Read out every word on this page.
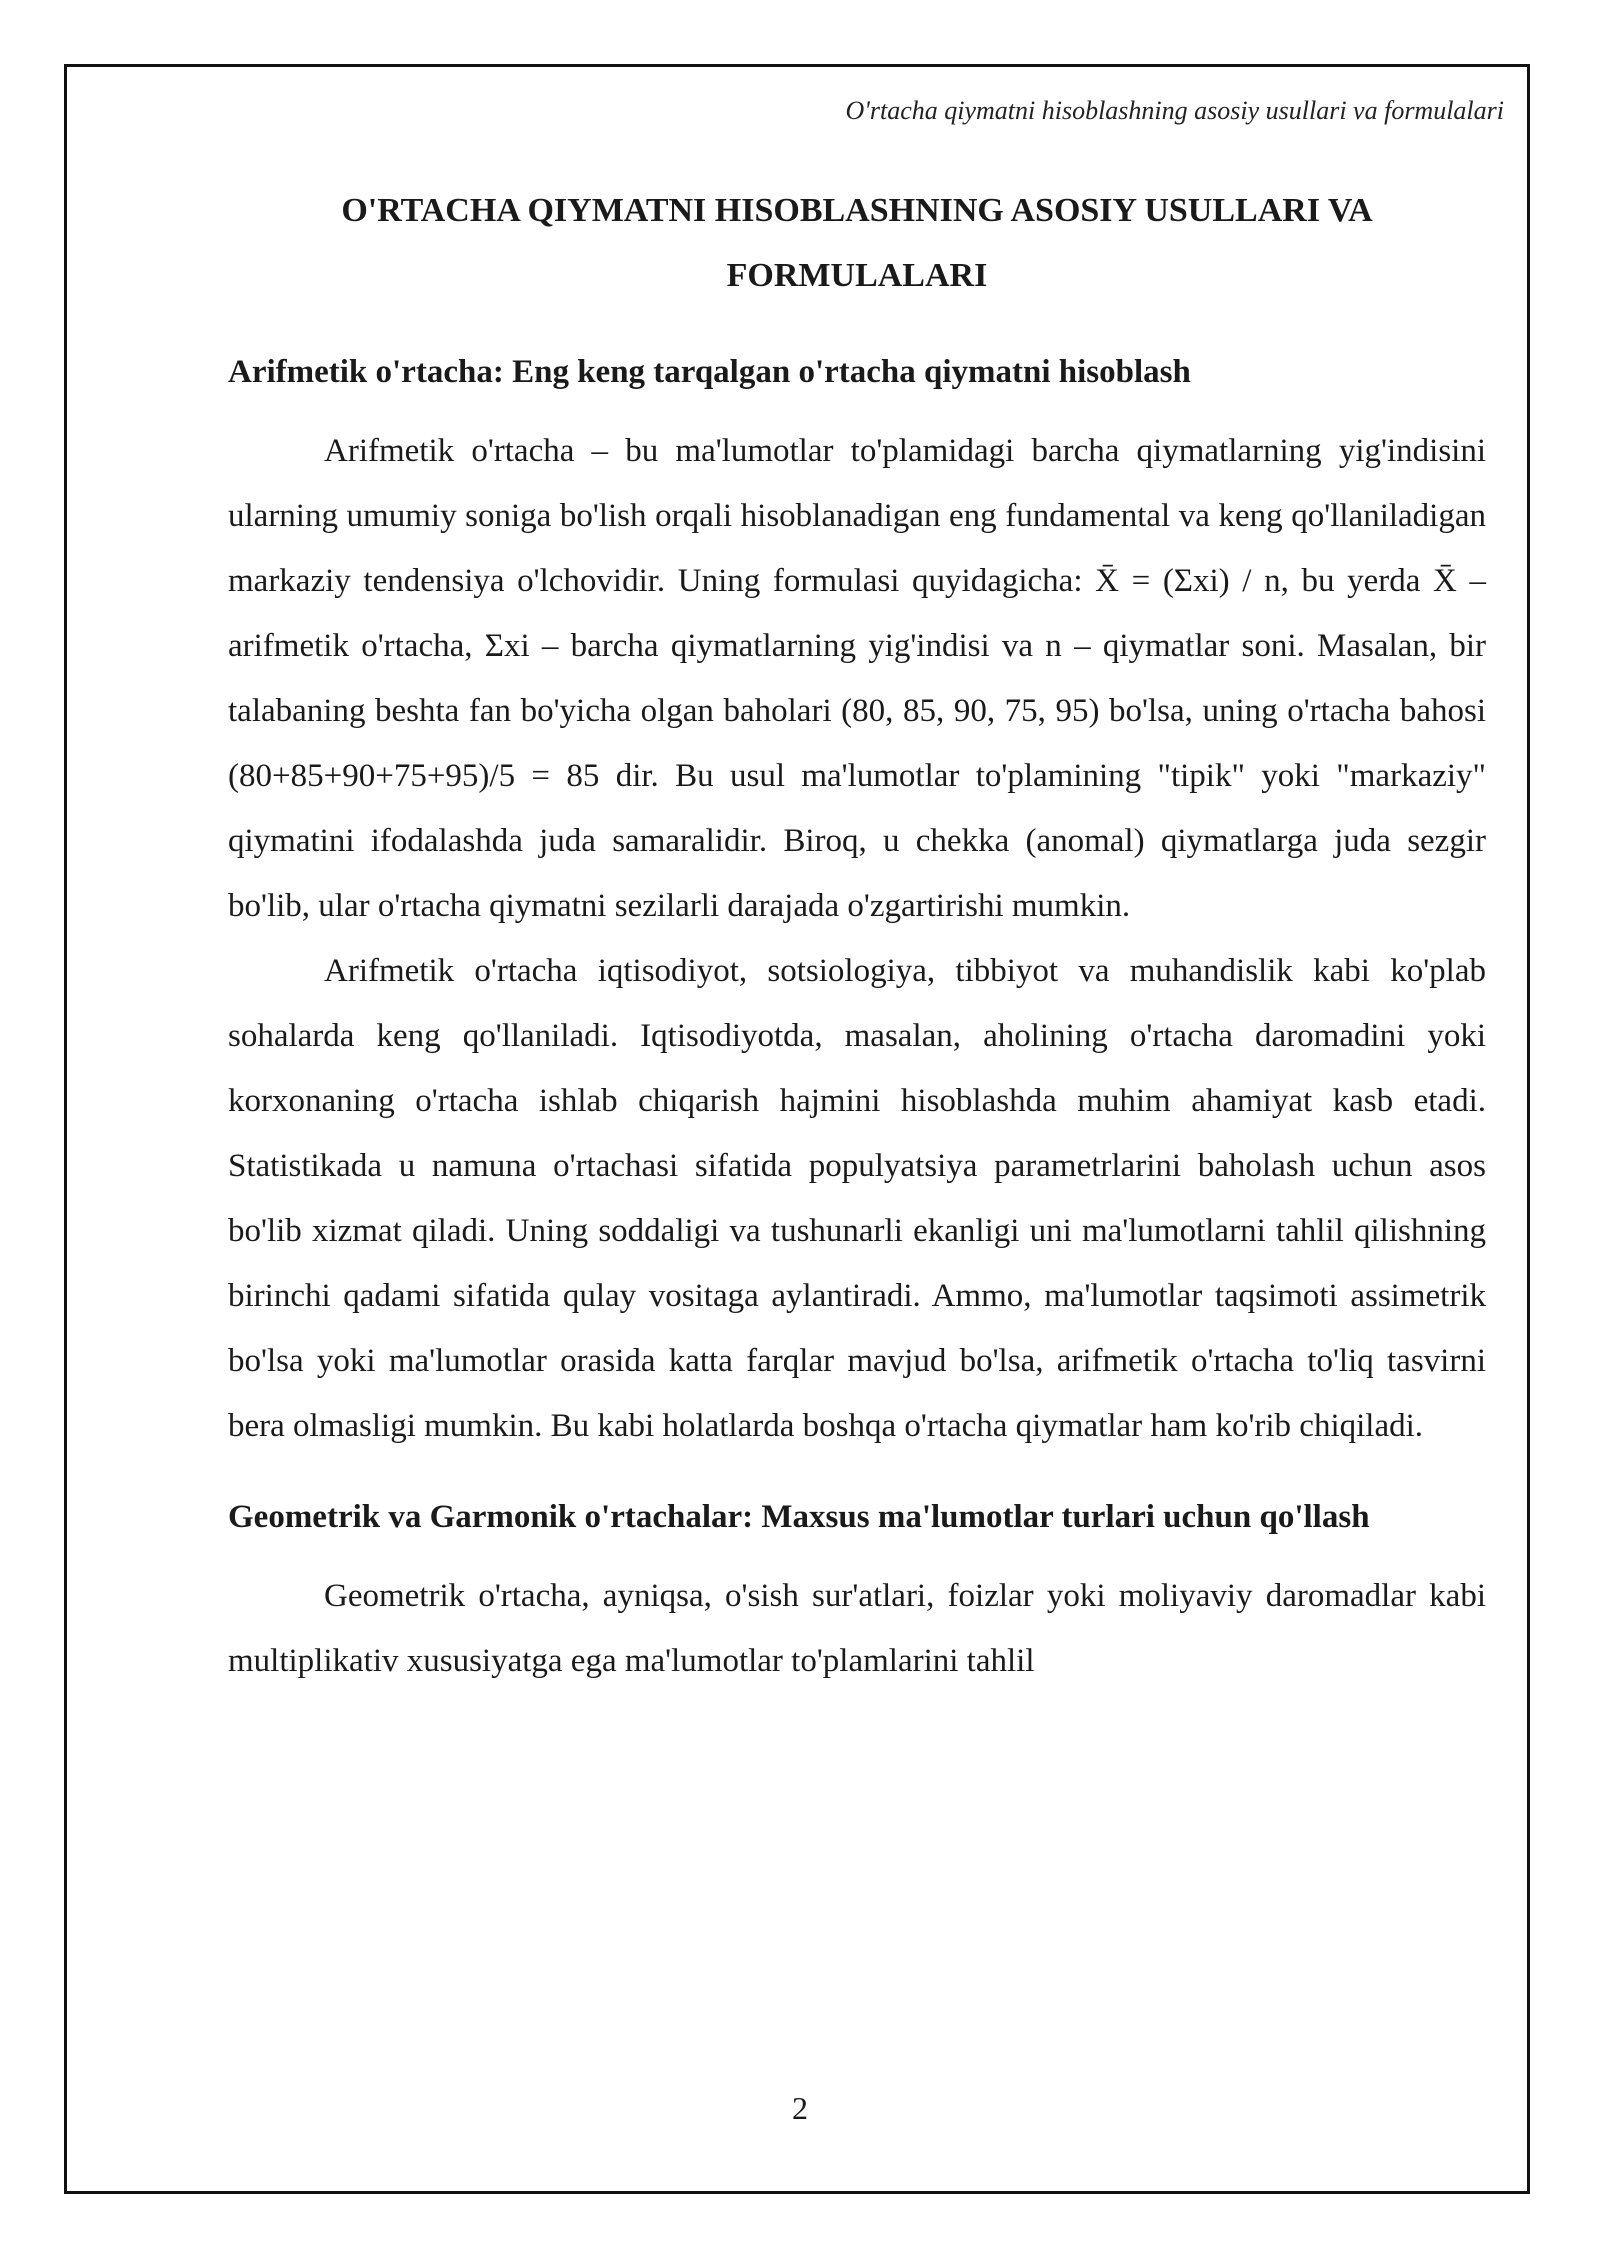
O'rtacha qiymatni hisoblashning asosiy usullari va formulalari
O'RTACHA QIYMATNI HISOBLASHNING ASOSIY USULLARI VA FORMULALARI
Arifmetik o'rtacha: Eng keng tarqalgan o'rtacha qiymatni hisoblash

Arifmetik o'rtacha – bu ma'lumotlar to'plamidagi barcha qiymatlarning yig'indisini ularning umumiy soniga bo'lish orqali hisoblanadigan eng fundamental va keng qo'llaniladigan markaziy tendensiya o'lchovidir. Uning formulasi quyidagicha: X̄ = (Σxi) / n, bu yerda X̄ – arifmetik o'rtacha, Σxi – barcha qiymatlarning yig'indisi va n – qiymatlar soni. Masalan, bir talabaning beshta fan bo'yicha olgan baholari (80, 85, 90, 75, 95) bo'lsa, uning o'rtacha bahosi (80+85+90+75+95)/5 = 85 dir. Bu usul ma'lumotlar to'plamining "tipik" yoki "markaziy" qiymatini ifodalashda juda samaralidir. Biroq, u chekka (anomal) qiymatlarga juda sezgir bo'lib, ular o'rtacha qiymatni sezilarli darajada o'zgartirishi mumkin.

Arifmetik o'rtacha iqtisodiyot, sotsiologiya, tibbiyot va muhandislik kabi ko'plab sohalarda keng qo'llaniladi. Iqtisodiyotda, masalan, aholining o'rtacha daromadini yoki korxonaning o'rtacha ishlab chiqarish hajmini hisoblashda muhim ahamiyat kasb etadi. Statistikada u namuna o'rtachasi sifatida populyatsiya parametrlarini baholash uchun asos bo'lib xizmat qiladi. Uning soddaligi va tushunarli ekanligi uni ma'lumotlarni tahlil qilishning birinchi qadami sifatida qulay vositaga aylantiradi. Ammo, ma'lumotlar taqsimoti assimetrik bo'lsa yoki ma'lumotlar orasida katta farqlar mavjud bo'lsa, arifmetik o'rtacha to'liq tasvirni bera olmasligi mumkin. Bu kabi holatlarda boshqa o'rtacha qiymatlar ham ko'rib chiqiladi.

Geometrik va Garmonik o'rtachalar: Maxsus ma'lumotlar turlari uchun qo'llash

Geometrik o'rtacha, ayniqsa, o'sish sur'atlari, foizlar yoki moliyaviy daromadlar kabi multiplikativ xususiyatga ega ma'lumotlar to'plamlarini tahlil

2
